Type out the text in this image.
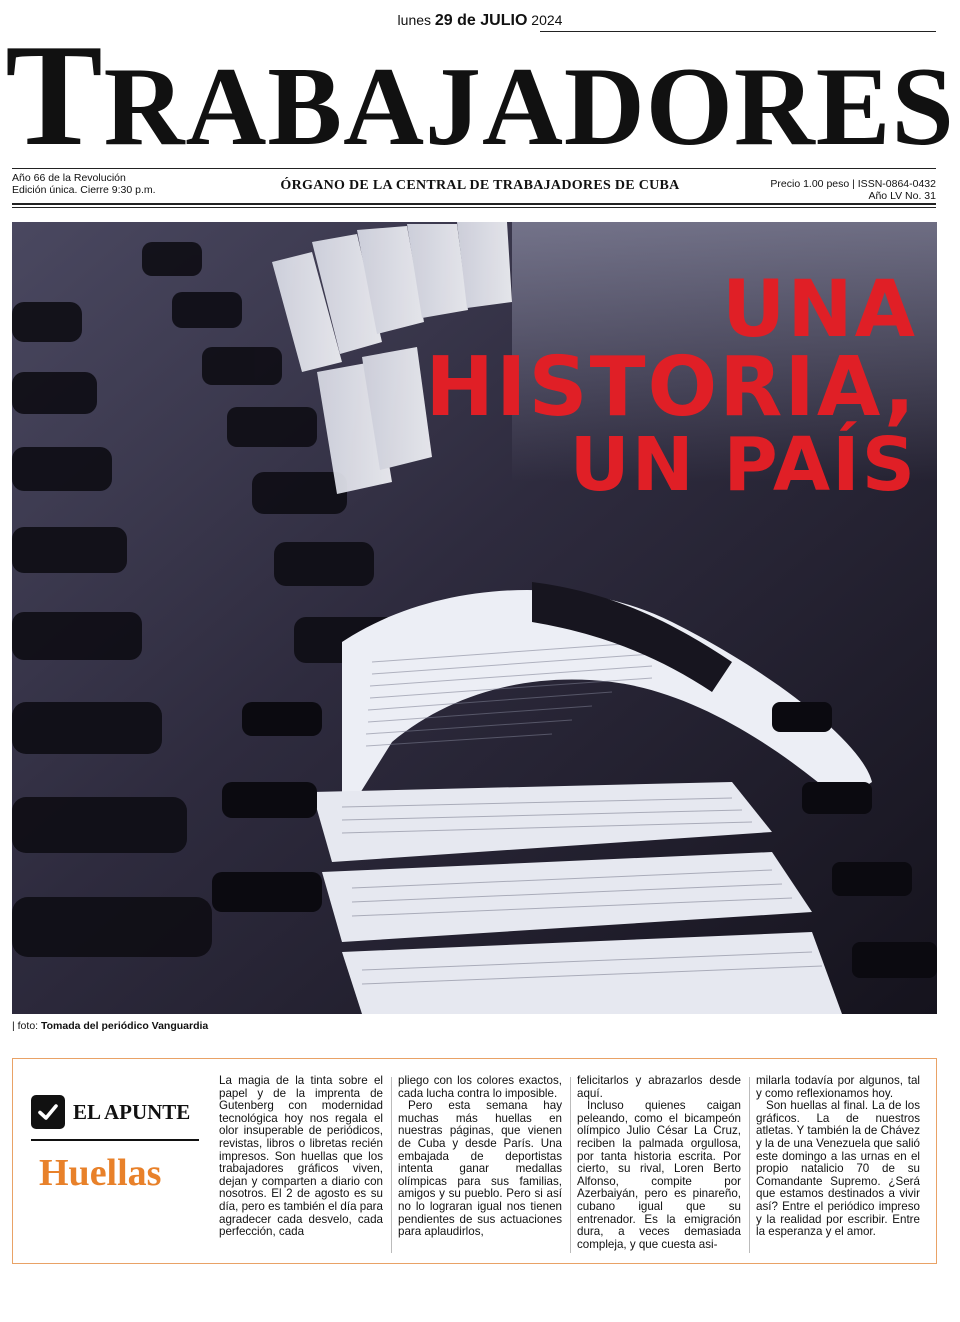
lunes 29 de JULIO 2024
TRABAJADORES
Año 66 de la Revolución
Edición única. Cierre 9:30 p.m.	ÓRGANO DE LA CENTRAL DE TRABAJADORES DE CUBA	Precio 1.00 peso | ISSN-0864-0432
Año LV No. 31
UNA
HISTORIA,
UN PAÍS
| foto: Tomada del periódico Vanguardia
EL APUNTE
Huellas

La magia de la tinta sobre el papel y de la imprenta de Gutenberg con modernidad tecnológica hoy nos regala el olor insuperable de periódicos, revistas, libros o libretas recién impresos. Son huellas que los trabajadores gráficos viven, dejan y comparten a diario con nosotros. El 2 de agosto es su día, pero es también el día para agradecer cada desvelo, cada perfección, cada

pliego con los colores exactos, cada lucha contra lo imposible.

Pero esta semana hay muchas más huellas en nuestras páginas, que vienen de Cuba y desde París. Una embajada de deportistas intenta ganar medallas olímpicas para sus familias, amigos y su pueblo. Pero si así no lo lograran igual nos tienen pendientes de sus actuaciones para aplaudirlos,

felicitarlos y abrazarlos desde aquí.

Incluso quienes caigan peleando, como el bicampeón olímpico Julio César La Cruz, reciben la palmada orgullosa, por tanta historia escrita. Por cierto, su rival, Loren Berto Alfonso, compite por Azerbaiyán, pero es pinareño, cubano igual que su entrenador. Es la emigración dura, a veces demasiada compleja, y que cuesta asi-

milarla todavía por algunos, tal y como reflexionamos hoy.

Son huellas al final. La de los gráficos. La de nuestros atletas. Y también la de Chávez y la de una Venezuela que salió este domingo a las urnas en el propio natalicio 70 de su Comandante Supremo. ¿Será que estamos destinados a vivir así? Entre el periódico impreso y la realidad por escribir. Entre la esperanza y el amor.
